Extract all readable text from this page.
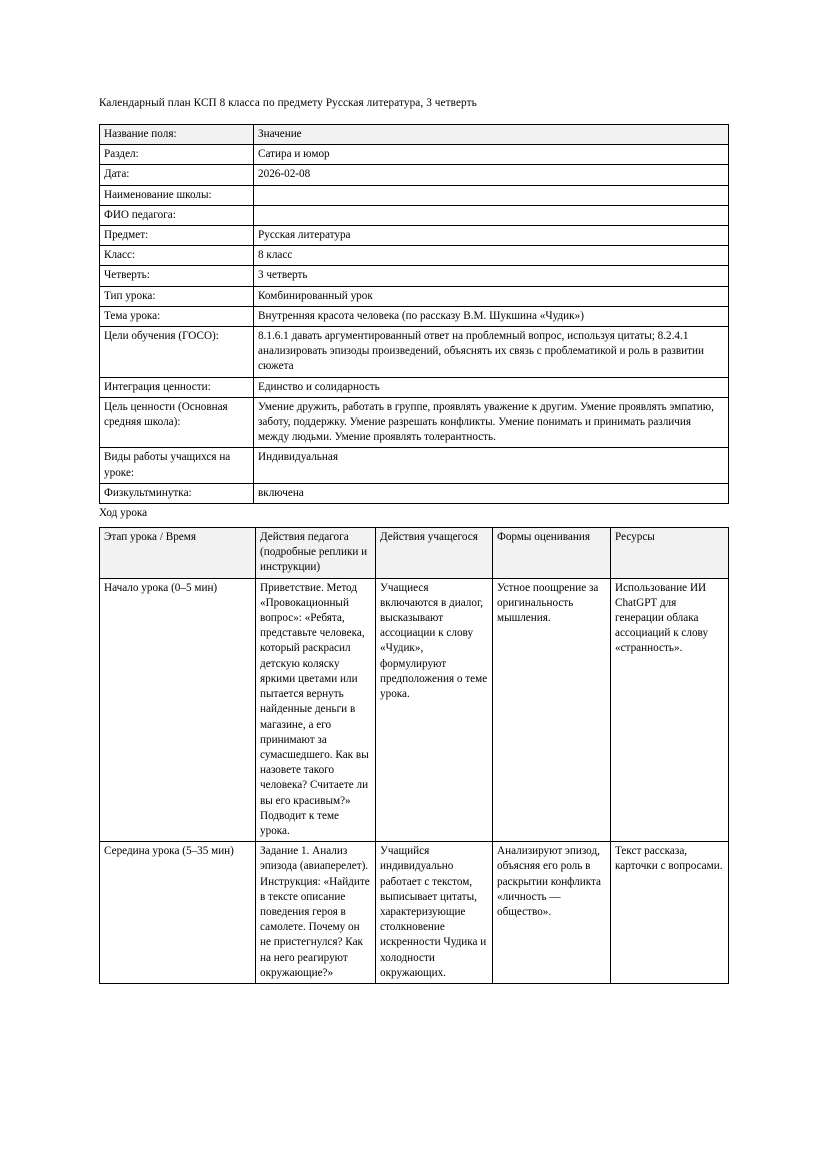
Календарный план КСП 8 класса по предмету Русская литература, 3 четверть

Название поля:	Значение
Раздел:	Сатира и юмор
Дата:	2026-02-08
Наименование школы:	
ФИО педагога:	
Предмет:	Русская литература
Класс:	8 класс
Четверть:	3 четверть
Тип урока:	Комбинированный урок
Тема урока:	Внутренняя красота человека (по рассказу В.М. Шукшина «Чудик»)
Цели обучения (ГОСО):	8.1.6.1 давать аргументированный ответ на проблемный вопрос, используя цитаты; 8.2.4.1 анализировать эпизоды произведений, объяснять их связь с проблематикой и роль в развитии сюжета
Интеграция ценности:	Единство и солидарность
Цель ценности (Основная средняя школа):	Умение дружить, работать в группе, проявлять уважение к другим. Умение проявлять эмпатию, заботу, поддержку. Умение разрешать конфликты. Умение понимать и принимать различия между людьми. Умение проявлять толерантность.
Виды работы учащихся на уроке:	Индивидуальная
Физкультминутка:	включена

Ход урока

Этап урока / Время	Действия педагога (подробные реплики и инструкции)	Действия учащегося	Формы оценивания	Ресурсы
Начало урока (0–5 мин)	Приветствие. Метод «Провокационный вопрос»: «Ребята, представьте человека, который раскрасил детскую коляску яркими цветами или пытается вернуть найденные деньги в магазине, а его принимают за сумасшедшего. Как вы назовете такого человека? Считаете ли вы его красивым?» Подводит к теме урока.	Учащиеся включаются в диалог, высказывают ассоциации к слову «Чудик», формулируют предположения о теме урока.	Устное поощрение за оригинальность мышления.	Использование ИИ ChatGPT для генерации облака ассоциаций к слову «странность».
Середина урока (5–35 мин)	Задание 1. Анализ эпизода (авиаперелет). Инструкция: «Найдите в тексте описание поведения героя в самолете. Почему он не пристегнулся? Как на него реагируют окружающие?»	Учащийся индивидуально работает с текстом, выписывает цитаты, характеризующие столкновение искренности Чудика и холодности окружающих.	Анализируют эпизод, объясняя его роль в раскрытии конфликта «личность — общество».	Текст рассказа, карточки с вопросами.
